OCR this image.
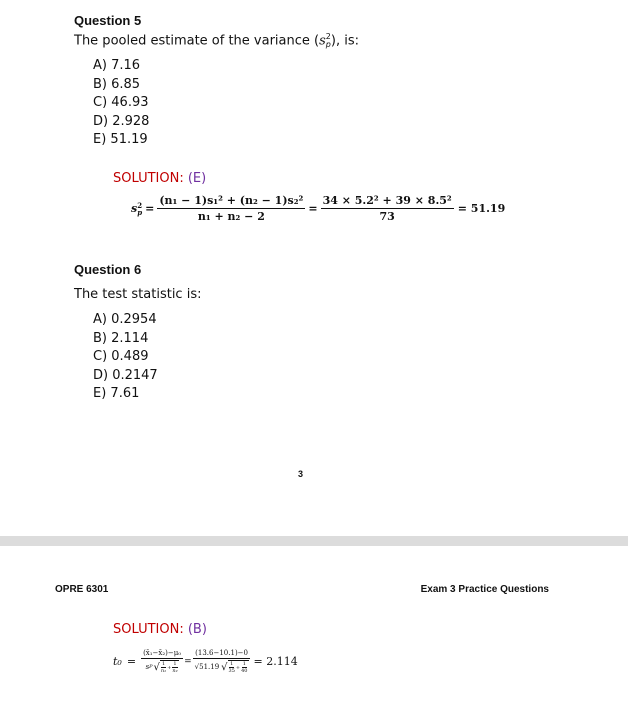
Question 5
The pooled estimate of the variance (s 2
p ), is:
A) 7.16
B) 6.85
C) 46.93
D) 2.928
E) 51.19
SOLUTION: (E)
s 2
$p = \frac{\text{(n₁ − 1)s₁² + (n₂ − 1)s₂²}}{\text{n₁ + n₂ − 2}} = \frac{\text{34 × 5.2² + 39 × 8.5²}}{73} = 51.19$
Question 6
The test statistic is:
A) 0.2954
B) 2.114
C) 0.489
D) 0.2147
E) 7.61
3
OPRE 6301	Exam 3 Practice Questions
SOLUTION: (B)
$t_0 = \frac{\text{(x̄₁−x̄₂)−μ₀}}{s P √ \frac{1}{\text{n₁}} + \frac{1}{\text{n₂}}} = \frac{(13.6-10.1)-0}{√51.19 √ \frac{1}{35} + \frac{1}{40}} = 2.114$
